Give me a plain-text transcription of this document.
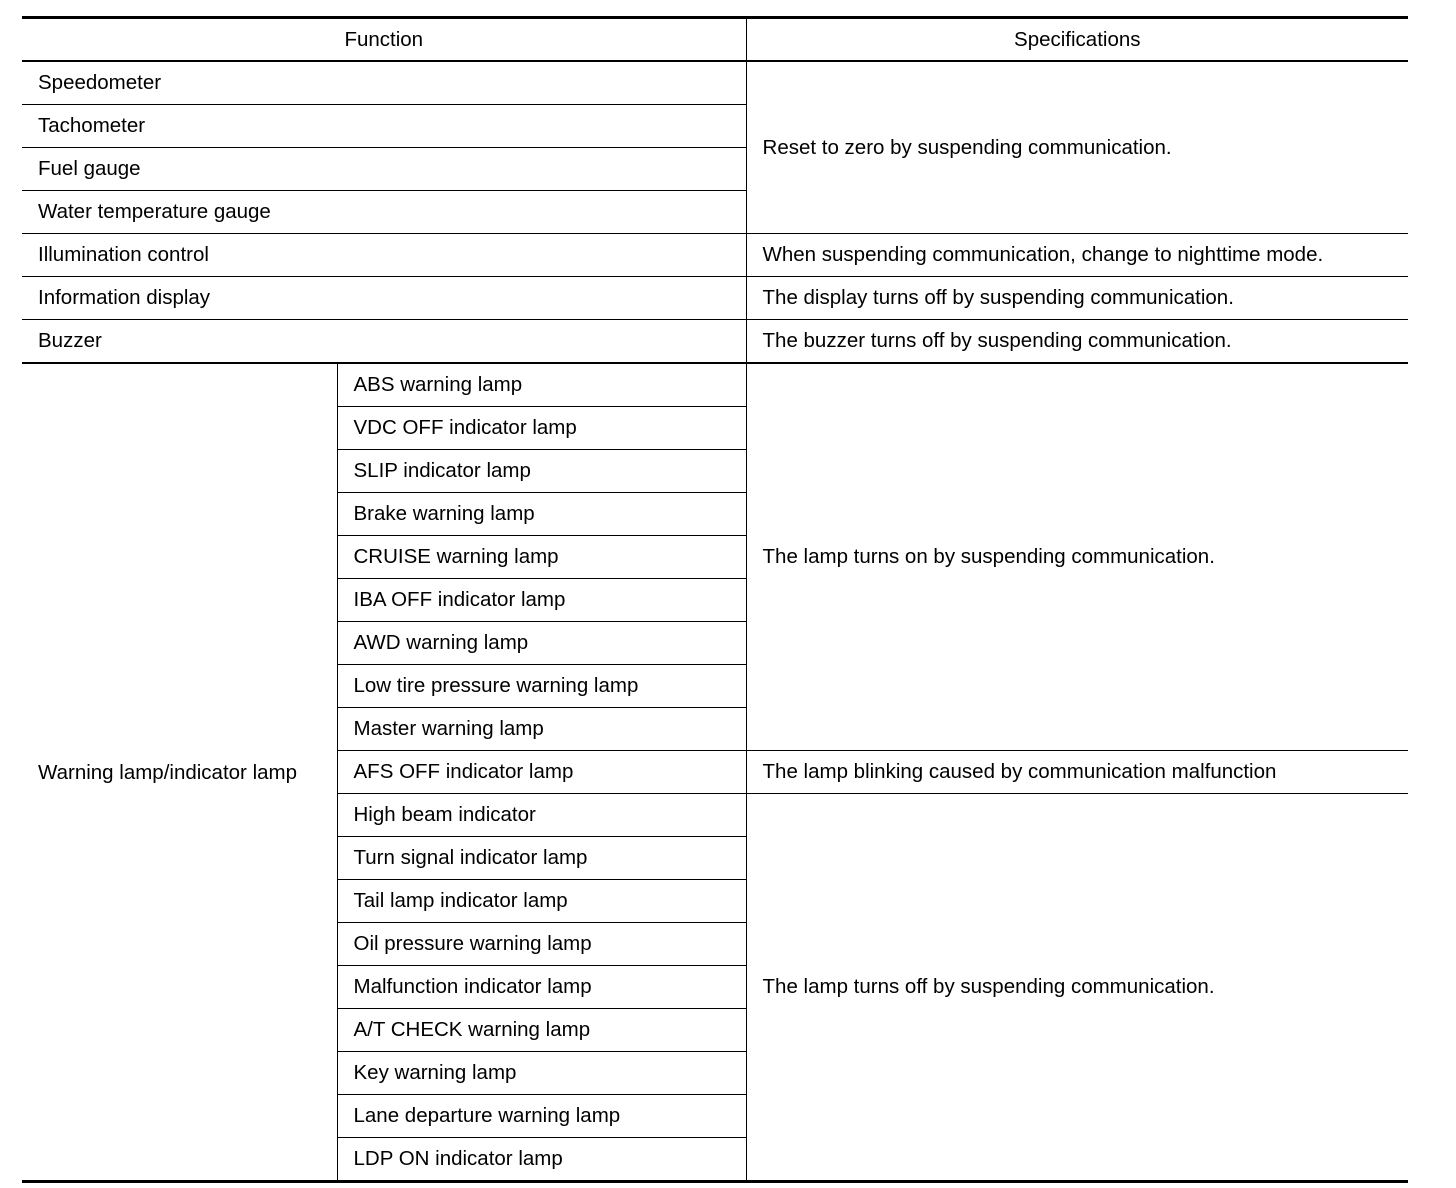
Function		Specifications
Speedometer		Reset to zero by suspending communication.
Tachometer		
Fuel gauge		
Water temperature gauge		
Illumination control		When suspending communication, change to nighttime mode.
Information display		The display turns off by suspending communication.
Buzzer		The buzzer turns off by suspending communication.
Warning lamp/indicator lamp	ABS warning lamp	The lamp turns on by suspending communication.
	VDC OFF indicator lamp	
	SLIP indicator lamp	
	Brake warning lamp	
	CRUISE warning lamp	
	IBA OFF indicator lamp	
	AWD warning lamp	
	Low tire pressure warning lamp	
	Master warning lamp	
	AFS OFF indicator lamp	The lamp blinking caused by communication malfunction
	High beam indicator	The lamp turns off by suspending communication.
	Turn signal indicator lamp	
	Tail lamp indicator lamp	
	Oil pressure warning lamp	
	Malfunction indicator lamp	
	A/T CHECK warning lamp	
	Key warning lamp	
	Lane departure warning lamp	
	LDP ON indicator lamp	
